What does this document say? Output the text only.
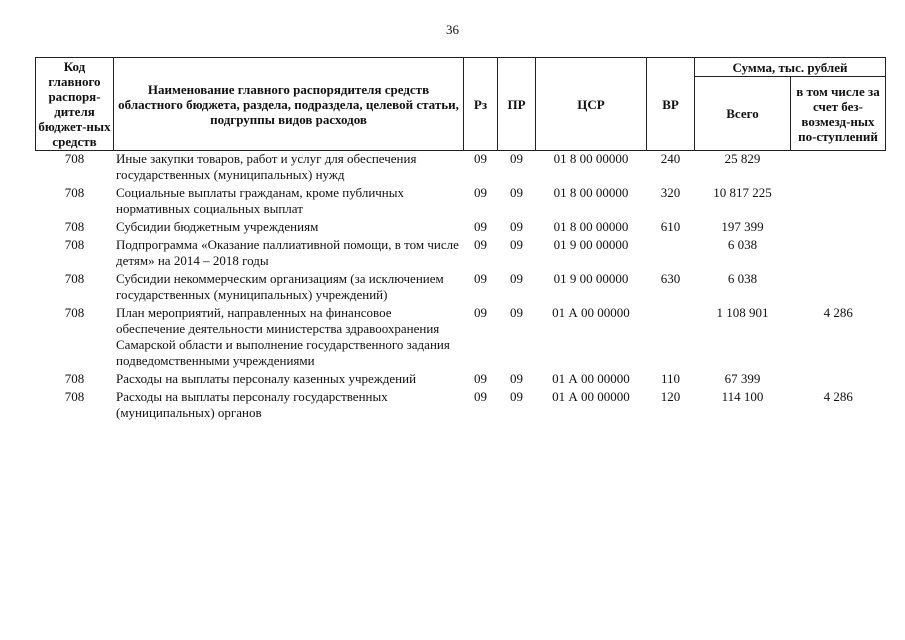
36
Код главного распоря-дителя бюджет-ных средств	Наименование главного распорядителя средств областного бюджета, раздела, подраздела, целевой статьи, подгруппы видов расходов	Рз	ПР	ЦСР	ВР	Сумма, тыс. рублей	
						Всего	в том числе за счет без-возмезд-ных по-ступлений
708	Иные закупки товаров, работ и услуг для обеспечения государственных (муниципальных) нужд	09	09	01 8 00 00000	240	25 829	
708	Социальные выплаты гражданам, кроме публичных нормативных социальных выплат	09	09	01 8 00 00000	320	10 817 225	
708	Субсидии бюджетным учреждениям	09	09	01 8 00 00000	610	197 399	
708	Подпрограмма «Оказание паллиативной помощи, в том числе детям» на 2014 – 2018 годы	09	09	01 9 00 00000		6 038	
708	Субсидии некоммерческим организациям (за исключением государственных (муниципальных) учреждений)	09	09	01 9 00 00000	630	6 038	
708	План мероприятий, направленных на финансовое обеспечение деятельности министерства здравоохранения Самарской области и выполнение государственного задания подведомственными учреждениями	09	09	01 А 00 00000		1 108 901	4 286
708	Расходы на выплаты персоналу казенных учреждений	09	09	01 А 00 00000	110	67 399	
708	Расходы на выплаты персоналу государственных (муниципальных) органов	09	09	01 А 00 00000	120	114 100	4 286
